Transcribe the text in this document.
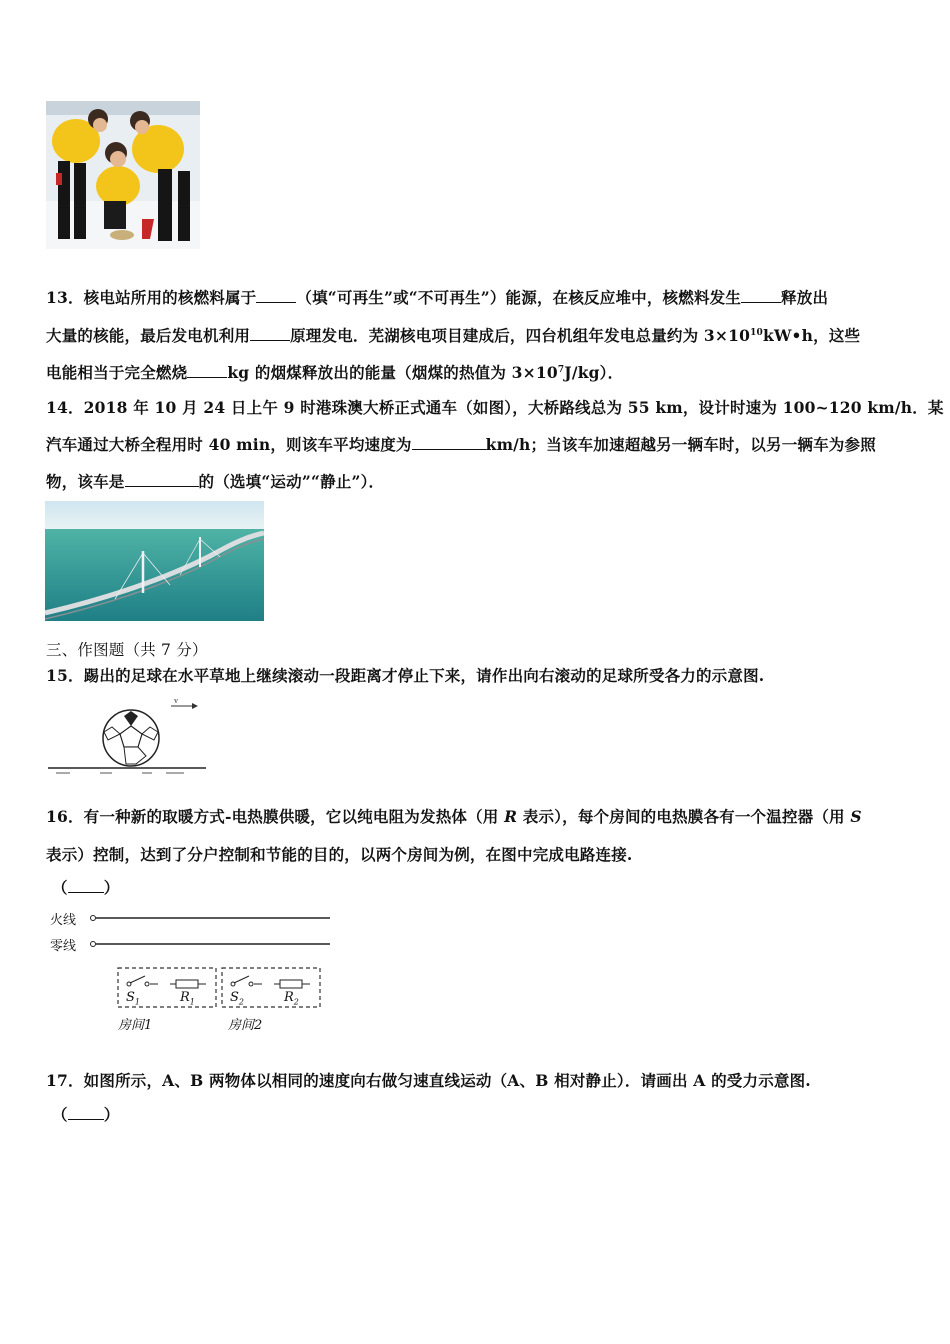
13．核电站所用的核燃料属于	（填“可再生”或“不可再生”）能源，在核反应堆中，核燃料发生	释放出
大量的核能，最后发电机利用	原理发电．芜湖核电项目建成后，四台机组年发电总量约为 $3\times 10^{10}kW•h$，这些
电能相当于完全燃烧	kg 的烟煤释放出的能量（烟煤的热值为 $3\times 10^7J/kg$）．
14．2018 年 10 月 24 日上午 9 时港珠澳大桥正式通车（如图），大桥路线总为 55 km，设计时速为 100~120 km/h．某
汽车通过大桥全程用时 40 min，则该车平均速度为	km/h；当该车加速超越另一辆车时，以另一辆车为参照
物，该车是	的（选填“运动”“静止”）．
三、作图题（共 7 分）
15．踢出的足球在水平草地上继续滚动一段距离才停止下来，请作出向右滚动的足球所受各力的示意图.
v
16．有一种新的取暖方式-电热膜供暖，它以纯电阻为发热体（用 R 表示），每个房间的电热膜各有一个温控器（用 S
表示）控制，达到了分户控制和节能的目的，以两个房间为例，在图中完成电路连接.
（ ）
火线
零线
$S_1$	$R_1$	$S_2$	$R_2$
房间1	房间2
17．如图所示，A、B 两物体以相同的速度向右做匀速直线运动（A、B 相对静止）．请画出 A 的受力示意图.
（ ）
